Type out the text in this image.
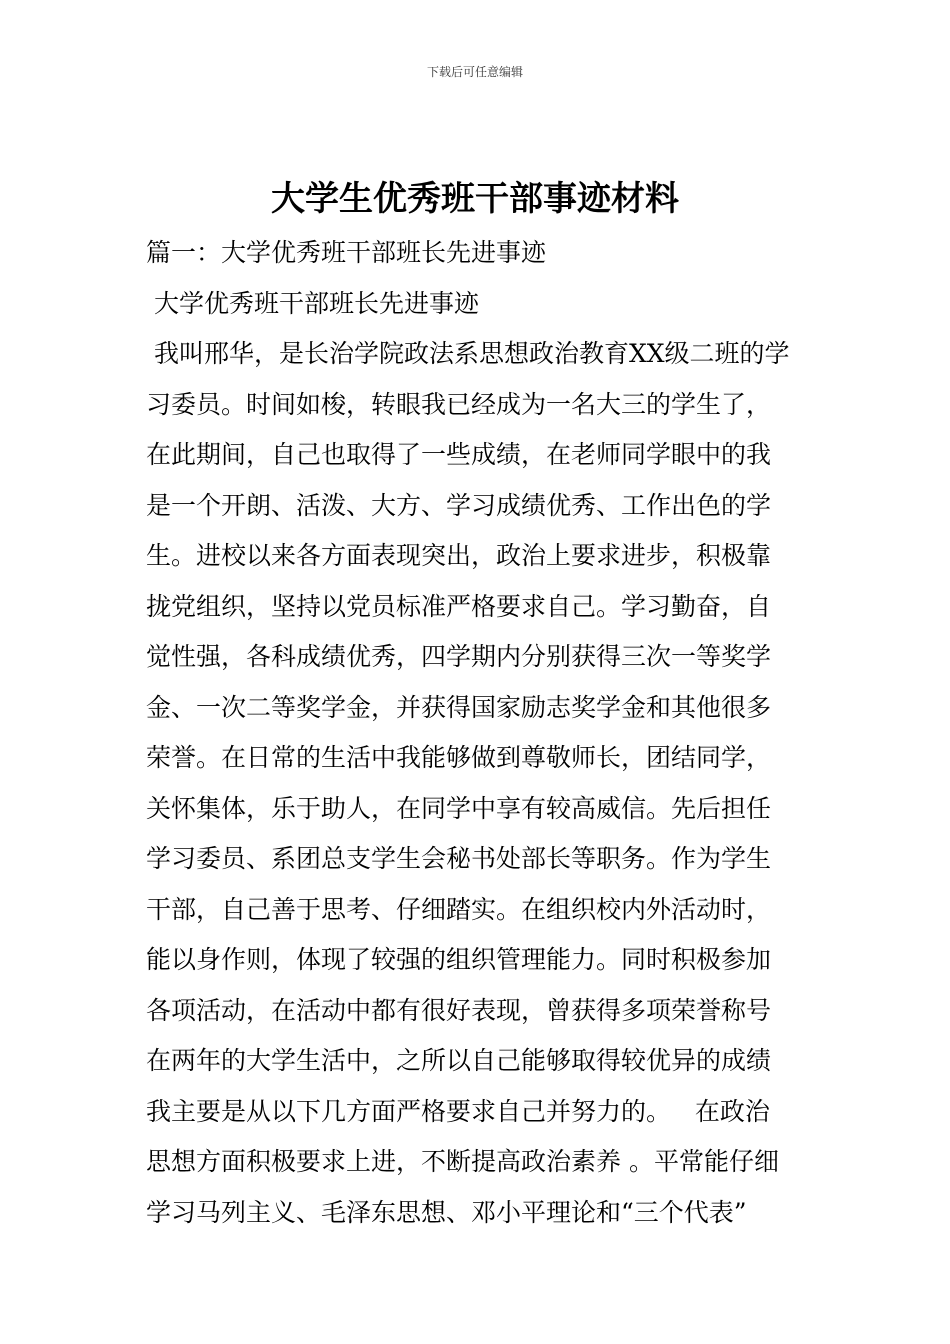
下载后可任意编辑
大学生优秀班干部事迹材料
篇一：大学优秀班干部班长先进事迹
大学优秀班干部班长先进事迹
我叫邢华，是长治学院政法系思想政治教育XX级二班的学
习委员。时间如梭，转眼我已经成为一名大三的学生了，
在此期间，自己也取得了一些成绩，在老师同学眼中的我
是一个开朗、活泼、大方、学习成绩优秀、工作出色的学
生。进校以来各方面表现突出，政治上要求进步，积极靠
拢党组织，坚持以党员标准严格要求自己。学习勤奋，自
觉性强，各科成绩优秀，四学期内分别获得三次一等奖学
金、一次二等奖学金，并获得国家励志奖学金和其他很多
荣誉。在日常的生活中我能够做到尊敬师长，团结同学，
关怀集体，乐于助人，在同学中享有较高威信。先后担任
学习委员、系团总支学生会秘书处部长等职务。作为学生
干部，自己善于思考、仔细踏实。在组织校内外活动时，
能以身作则，体现了较强的组织管理能力。同时积极参加
各项活动，在活动中都有很好表现，曾获得多项荣誉称号
在两年的大学生活中，之所以自己能够取得较优异的成绩
我主要是从以下几方面严格要求自己并努力的。   在政治
思想方面积极要求上进，不断提高政治素养 。平常能仔细
学习马列主义、毛泽东思想、邓小平理论和“三个代表”
